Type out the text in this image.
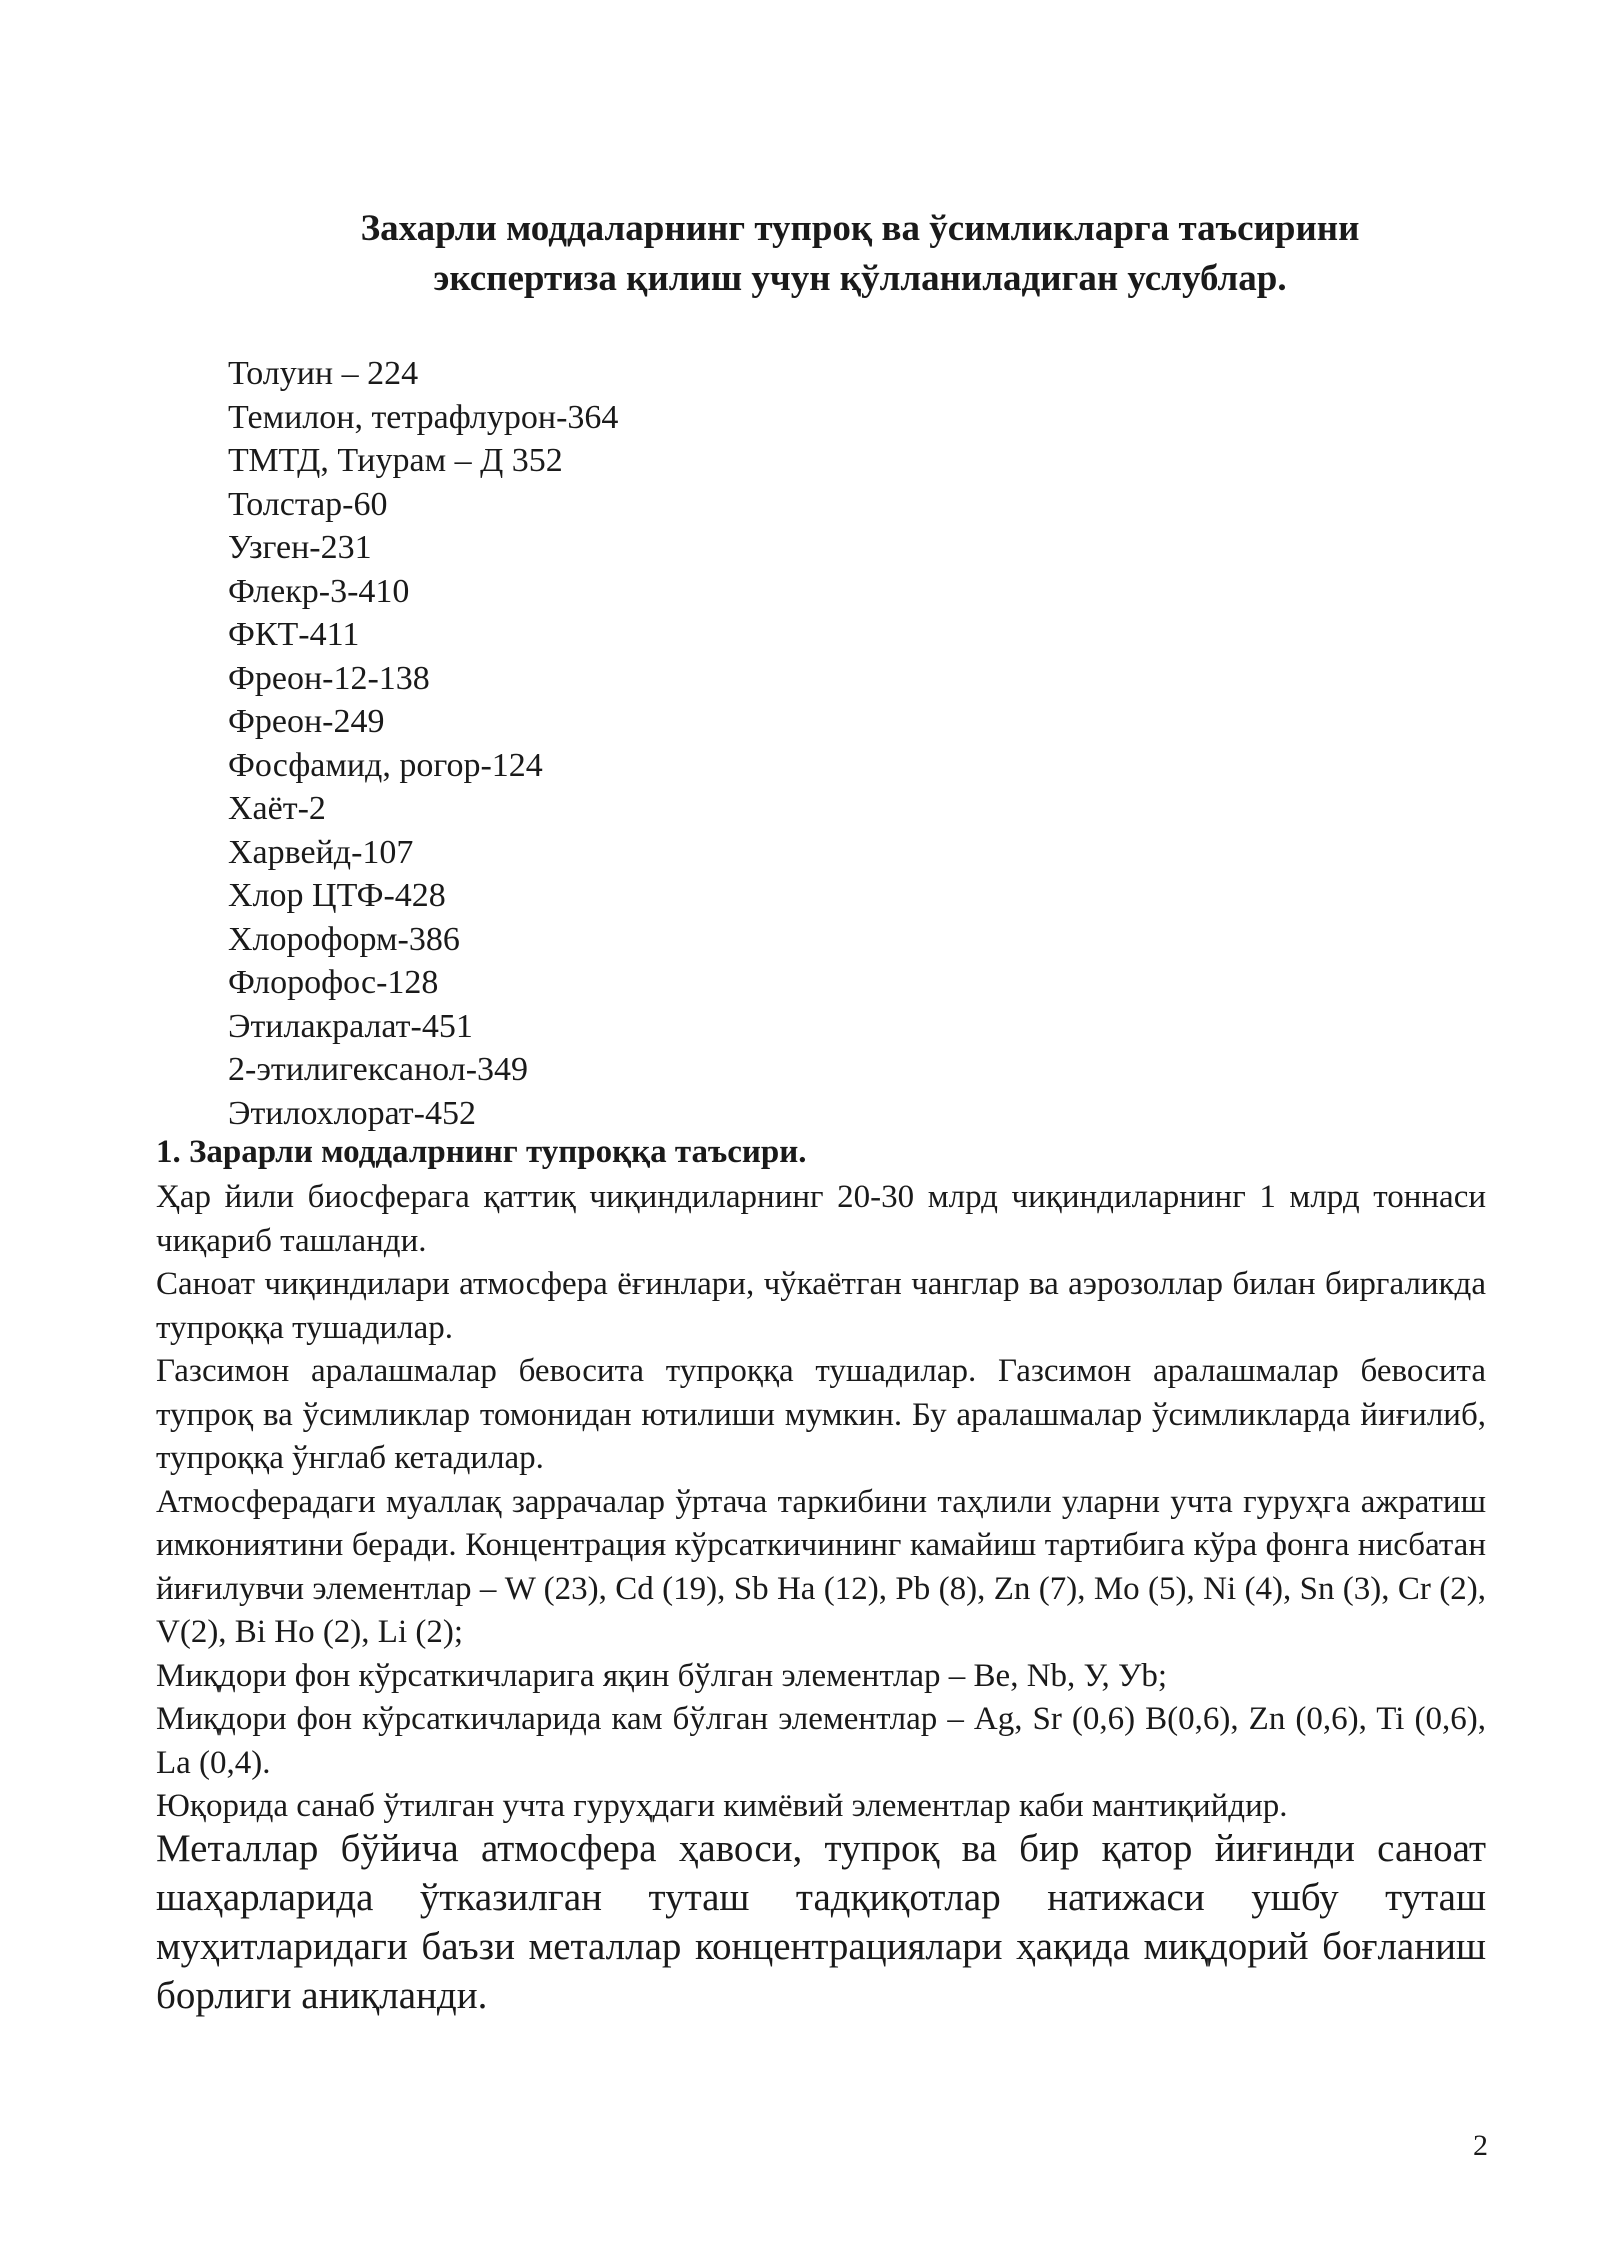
Захарли моддаларнинг тупроқ ва ўсимликларга таъсирини
экспертиза қилиш учун қўлланиладиган услублар.
Толуин – 224
Темилон, тетрафлурон-364
ТМТД, Тиурам – Д 352
Толстар-60
Узген-231
Флекр-3-410
ФКТ-411
Фреон-12-138
Фреон-249
Фосфамид, рогор-124
Хаёт-2
Харвейд-107
Хлор ЦТФ-428
Хлороформ-386
Флорофос-128
Этилакралат-451
2-этилигексанол-349
Этилохлорат-452
1. Зарарли моддалрнинг тупроққа таъсири.

Ҳар йили биосферага қаттиқ чиқиндиларнинг 20-30 млрд чиқиндиларнинг 1 млрд тоннаси чиқариб ташланди.

Саноат чиқиндилари атмосфера ёғинлари, чўкаётган чанглар ва аэрозоллар билан биргаликда тупроққа тушадилар.

Газсимон аралашмалар бевосита тупроққа тушадилар. Газсимон аралашмалар бевосита тупроқ ва ўсимликлар томонидан ютилиши мумкин. Бу аралашмалар ўсимликларда йиғилиб, тупроққа ўнглаб кетадилар.

Атмосферадаги муаллақ заррачалар ўртача таркибини таҳлили уларни учта гуруҳга ажратиш имкониятини беради. Концентрация кўрсаткичининг камайиш тартибига кўра фонга нисбатан йиғилувчи элементлар – W (23), Cd (19), Sb На (12), Pb (8), Zn (7), Mo (5), Ni (4), Sn (3), Cr (2), V(2), Bi Ho (2), Li (2);

Миқдори фон кўрсаткичларига яқин бўлган элементлар – Be, Nb, У, Уb;

Миқдори фон кўрсаткичларида кам бўлган элементлар – Ag, Sr (0,6) B(0,6), Zn (0,6), Ti (0,6), La (0,4).

Юқорида санаб ўтилган учта гуруҳдаги кимёвий элементлар каби мантиқийдир.

Металлар бўйича атмосфера ҳавоси, тупроқ ва бир қатор йиғинди саноат шаҳарларида ўтказилган туташ тадқиқотлар натижаси ушбу туташ муҳитларидаги баъзи металлар концентрациялари ҳақида миқдорий боғланиш борлиги аниқланди.

2
